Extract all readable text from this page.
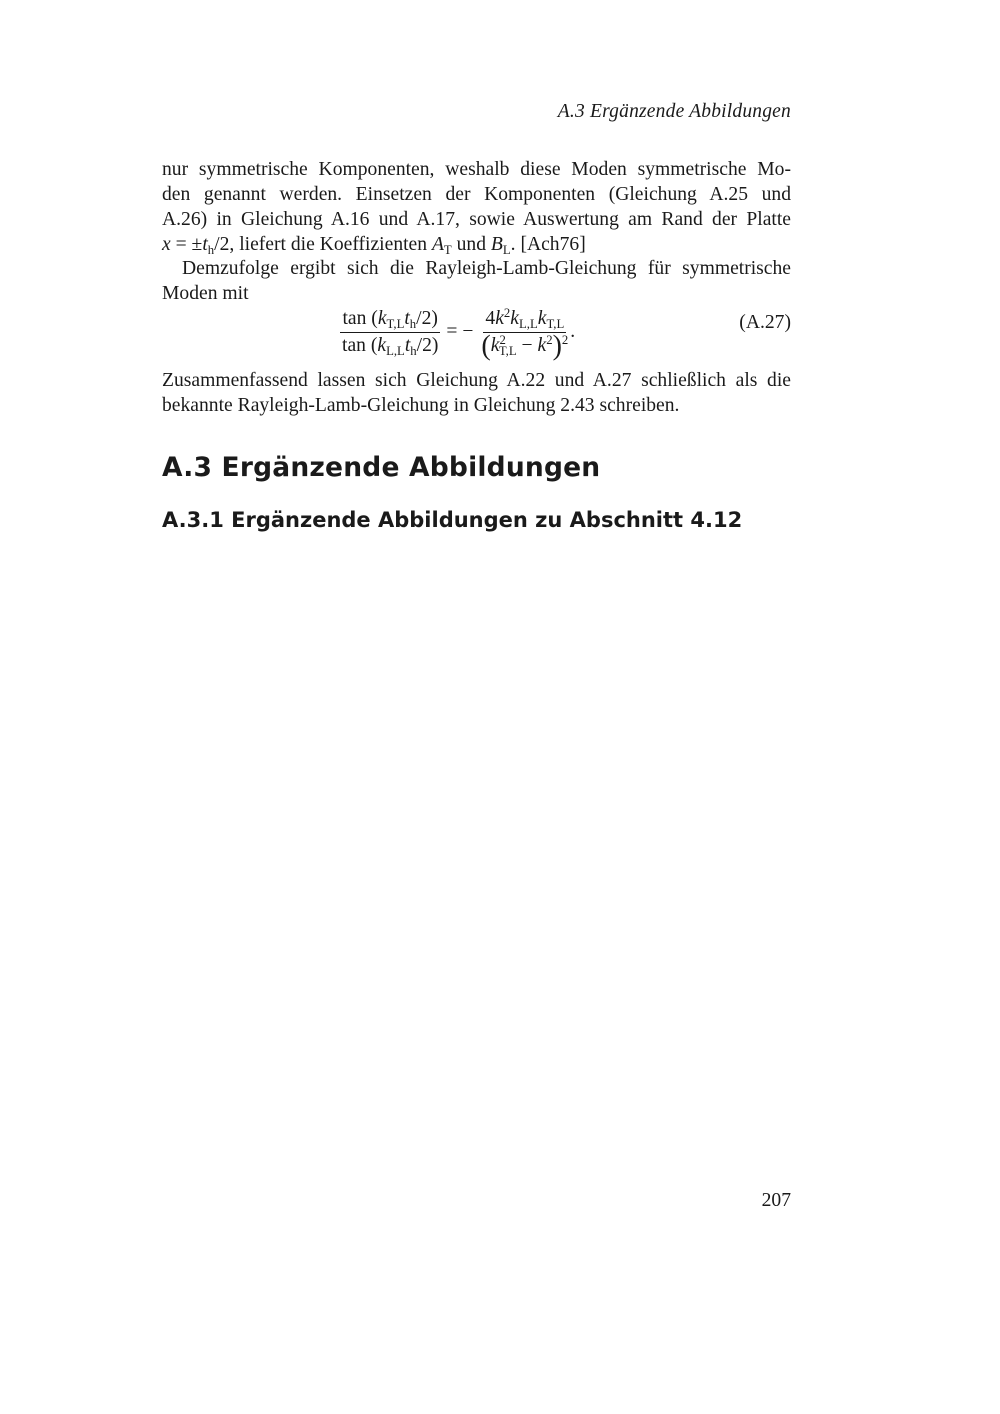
A.3 Ergänzende Abbildungen
nur symmetrische Komponenten, weshalb diese Moden symmetrische Mo-
den genannt werden. Einsetzen der Komponenten (Gleichung A.25 und
A.26) in Gleichung A.16 und A.17, sowie Auswertung am Rand der Platte
$x = \pm t_h/2$, liefert die Koeffizienten $A_T$ und $B_L$. [Ach76]
Demzufolge ergibt sich die Rayleigh-Lamb-Gleichung für symmetrische
Moden mit
$\frac{\tan (k_{T,L}t_h/2)}{\tan (k_{L,L}t_h/2)}$ = − $\frac{4k^2k_{L,L}k_{T,L}}{(k^2_{T,L} - k^2)^2}$ .	(A.27)
Zusammenfassend lassen sich Gleichung A.22 und A.27 schließlich als die
bekannte Rayleigh-Lamb-Gleichung in Gleichung 2.43 schreiben.
A.3 Ergänzende Abbildungen
A.3.1 Ergänzende Abbildungen zu Abschnitt 4.12
207
